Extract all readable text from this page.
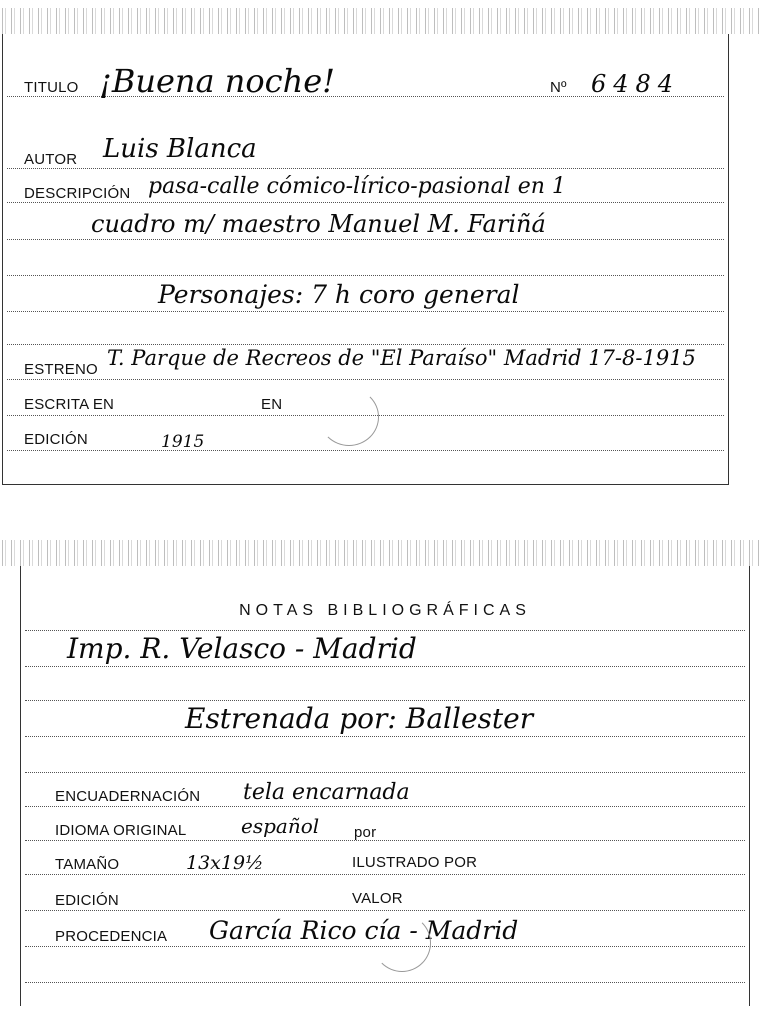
TITULO ¡Buena noche!	Nº 6484
AUTOR Luis Blanca
DESCRIPCIÓN pasa-calle cómico-lírico-pasional en 1
cuadro m/ maestro Manuel M. Fariñá
Personajes: 7 h coro general
ESTRENO T. Parque de Recreos de "El Paraíso" Madrid 17-8-1915
ESCRITA EN	EN
EDICIÓN	1915
NOTAS BIBLIOGRÁFICAS
Imp. R. Velasco - Madrid
Estrenada por: Ballester
ENCUADERNACIÓN tela encarnada
IDIOMA ORIGINAL	español por
TAMAÑO	13x19½	ILUSTRADO POR
EDICIÓN	VALOR
PROCEDENCIA García Rico cía - Madrid
